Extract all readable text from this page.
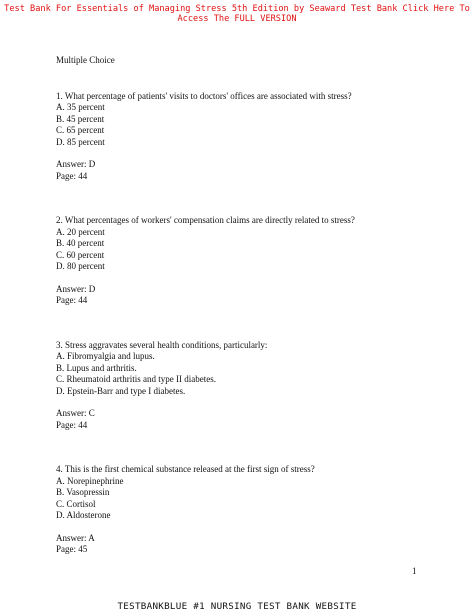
Test Bank For Essentials of Managing Stress 5th Edition by Seaward Test Bank Click Here To
Access The FULL VERSION
Multiple Choice
1. What percentage of patients' visits to doctors' offices are associated with stress?
A. 35 percent
B. 45 percent
C. 65 percent
D. 85 percent
Answer: D
Page: 44
2. What percentages of workers' compensation claims are directly related to stress?
A. 20 percent
B. 40 percent
C. 60 percent
D. 80 percent
Answer: D
Page: 44
3. Stress aggravates several health conditions, particularly:
A. Fibromyalgia and lupus.
B. Lupus and arthritis.
C. Rheumatoid arthritis and type II diabetes.
D. Epstein-Barr and type I diabetes.
Answer: C
Page: 44
4. This is the first chemical substance released at the first sign of stress?
A. Norepinephrine
B. Vasopressin
C. Cortisol
D. Aldosterone
Answer: A
Page: 45
1
TESTBANKBLUE #1 NURSING TEST BANK WEBSITE
